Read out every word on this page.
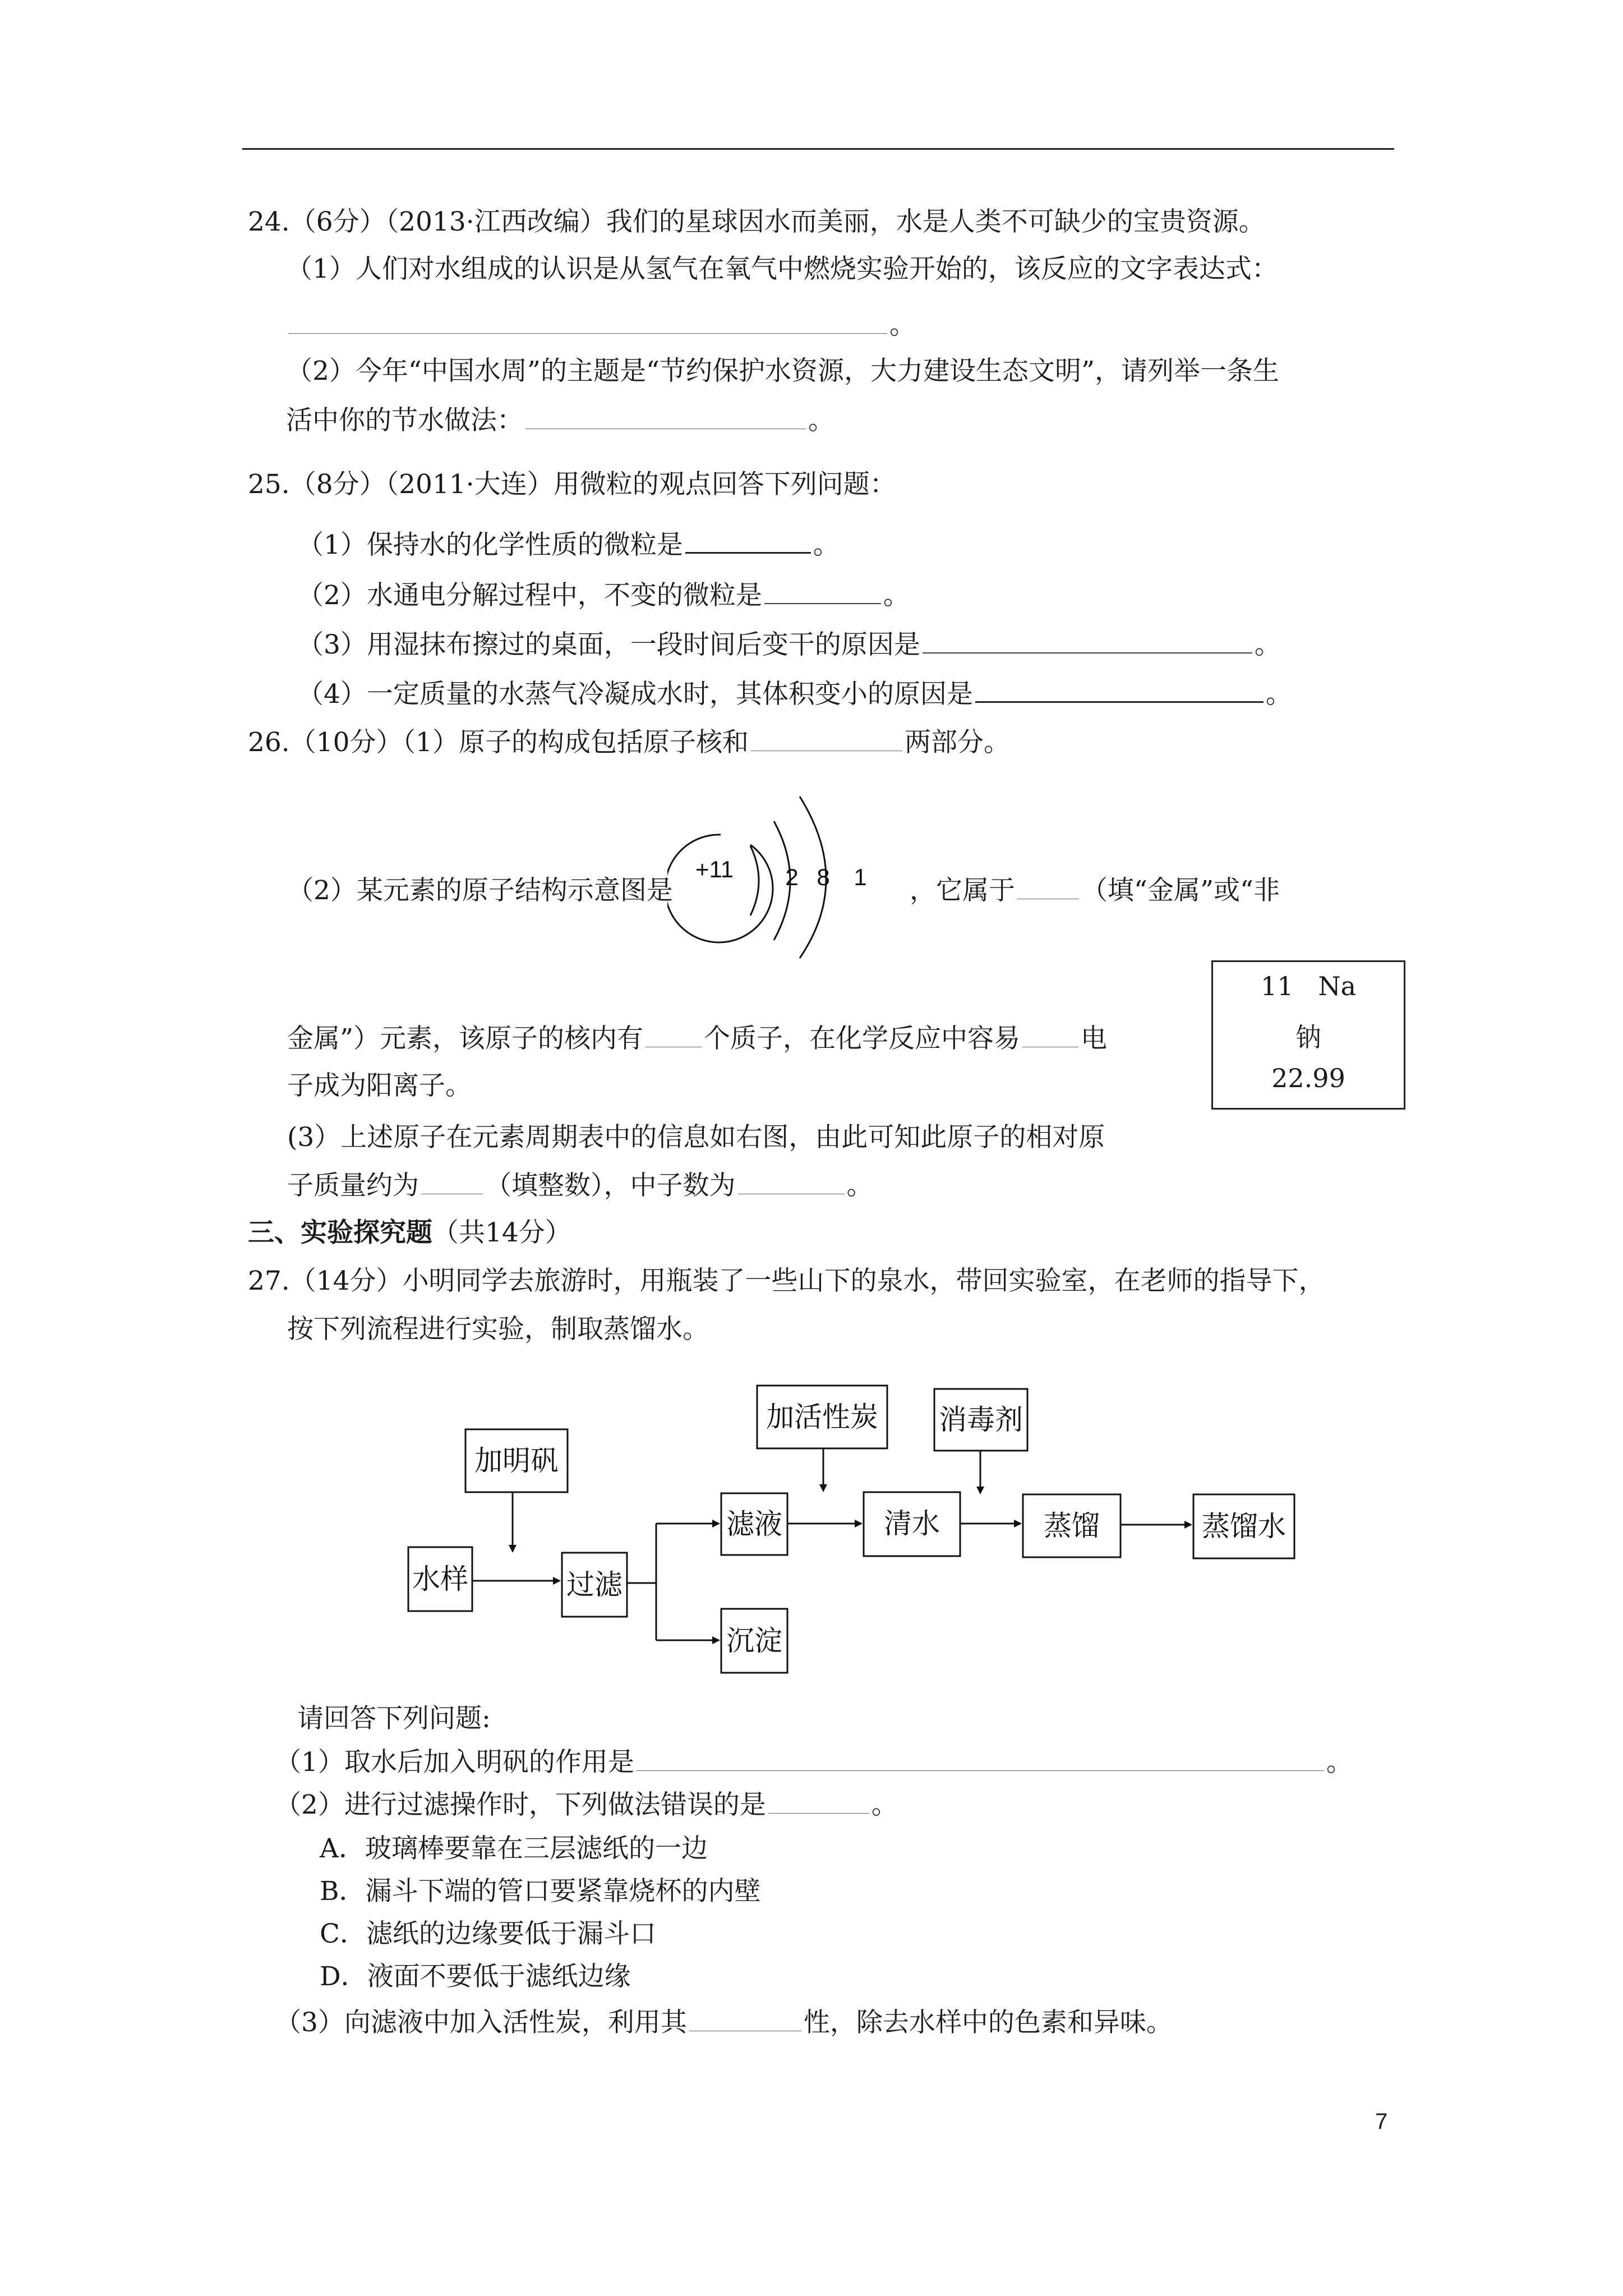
24.（6分）（2013·江西改编）我们的星球因水而美丽，水是人类不可缺少的宝贵资源。
（1）人们对水组成的认识是从氢气在氧气中燃烧实验开始的，该反应的文字表达式：
。
（2）今年“中国水周”的主题是“节约保护水资源，大力建设生态文明”，请列举一条生
活中你的节水做法：	。
25.（8分）（2011·大连）用微粒的观点回答下列问题：
（1）保持水的化学性质的微粒是	。
（2）水通电分解过程中，不变的微粒是	。
（3）用湿抹布擦过的桌面，一段时间后变干的原因是	。
（4）一定质量的水蒸气冷凝成水时，其体积变小的原因是	。
26.（10分）（1）原子的构成包括原子核和	两部分。
（2）某元素的原子结构示意图是
+11 2 8 1 ，它属于	（填“金属”或“非
11 Na
钠
22.99
金属”）元素，该原子的核内有 个质子，在化学反应中容易 电
子成为阳离子。
(3）上述原子在元素周期表中的信息如右图，由此可知此原子的相对原
子质量约为	（填整数），中子数为	。
三、实验探究题（共14分）
27.（14分）小明同学去旅游时，用瓶装了一些山下的泉水，带回实验室，在老师的指导下，
按下列流程进行实验，制取蒸馏水。
水样
加明矾
过滤
滤液
沉淀
加活性炭
清水
消毒剂
蒸馏	蒸馏水
请回答下列问题:
（1）取水后加入明矾的作用是	。
（2）进行过滤操作时，下列做法错误的是	。
A．玻璃棒要靠在三层滤纸的一边
B．漏斗下端的管口要紧靠烧杯的内壁
C．滤纸的边缘要低于漏斗口
D．液面不要低于滤纸边缘
（3）向滤液中加入活性炭，利用其	性，除去水样中的色素和异味。
7
